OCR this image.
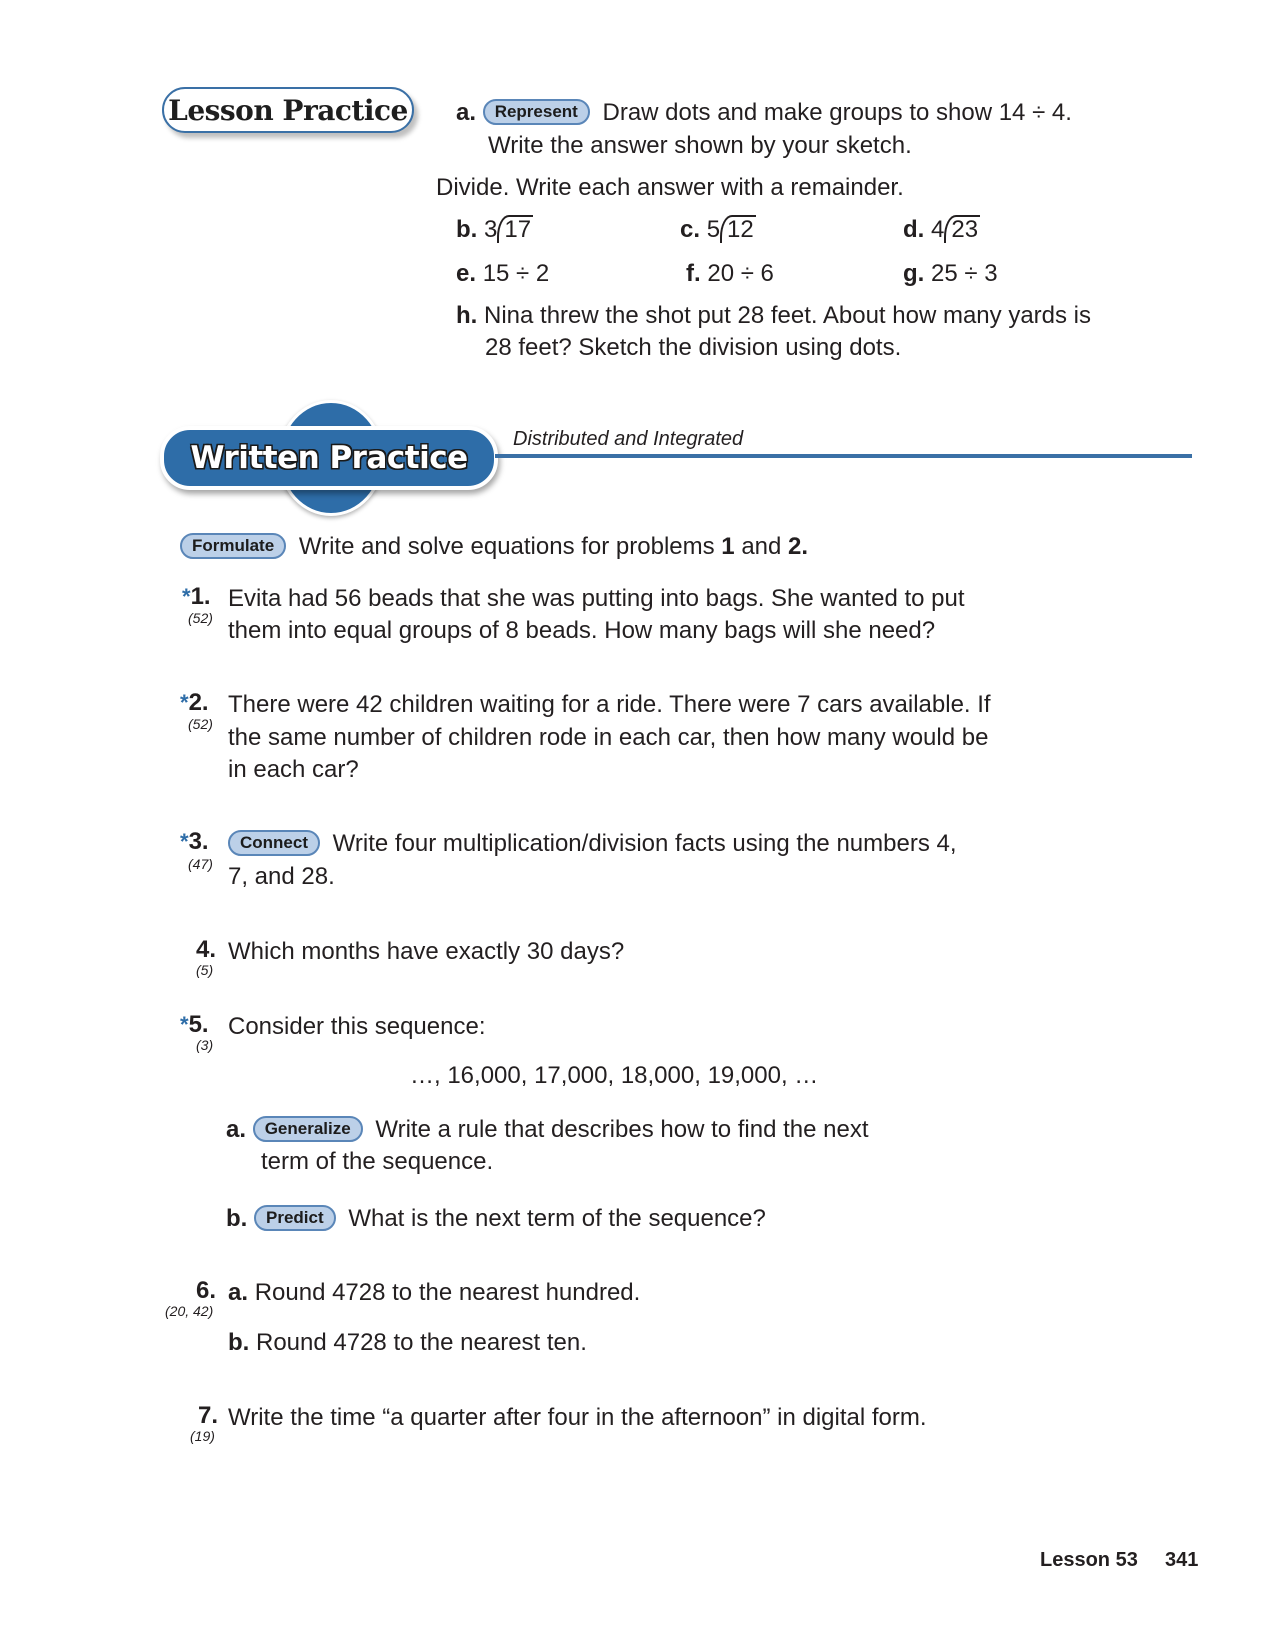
Lesson Practice a. Represent Draw dots and make groups to show 14 ÷ 4.
Write the answer shown by your sketch.
Divide. Write each answer with a remainder.
b. 3 17	c. 5 12	d. 4 23
e. 15 ÷ 2	f. 20 ÷ 6	g. 25 ÷ 3
h. Nina threw the shot put 28 feet. About how many yards is
28 feet? Sketch the division using dots.
Written Practice
Distributed and Integrated
Formulate Write and solve equations for problems 1 and 2.
*1.
(52)
Evita had 56 beads that she was putting into bags. She wanted to put
them into equal groups of 8 beads. How many bags will she need?
*2.
(52)
There were 42 children waiting for a ride. There were 7 cars available. If
the same number of children rode in each car, then how many would be
in each car?
*3.
(47)
Connect Write four multiplication/division facts using the numbers 4,
7, and 28.
4.
(5)
Which months have exactly 30 days?
*5.
(3)
Consider this sequence:
…, 16,000, 17,000, 18,000, 19,000, …
a. Generalize Write a rule that describes how to find the next
term of the sequence.
b. Predict What is the next term of the sequence?
6.
(20, 42)
a. Round 4728 to the nearest hundred.
b. Round 4728 to the nearest ten.
7.
(19)
Write the time “a quarter after four in the afternoon” in digital form.
Lesson 53 341
